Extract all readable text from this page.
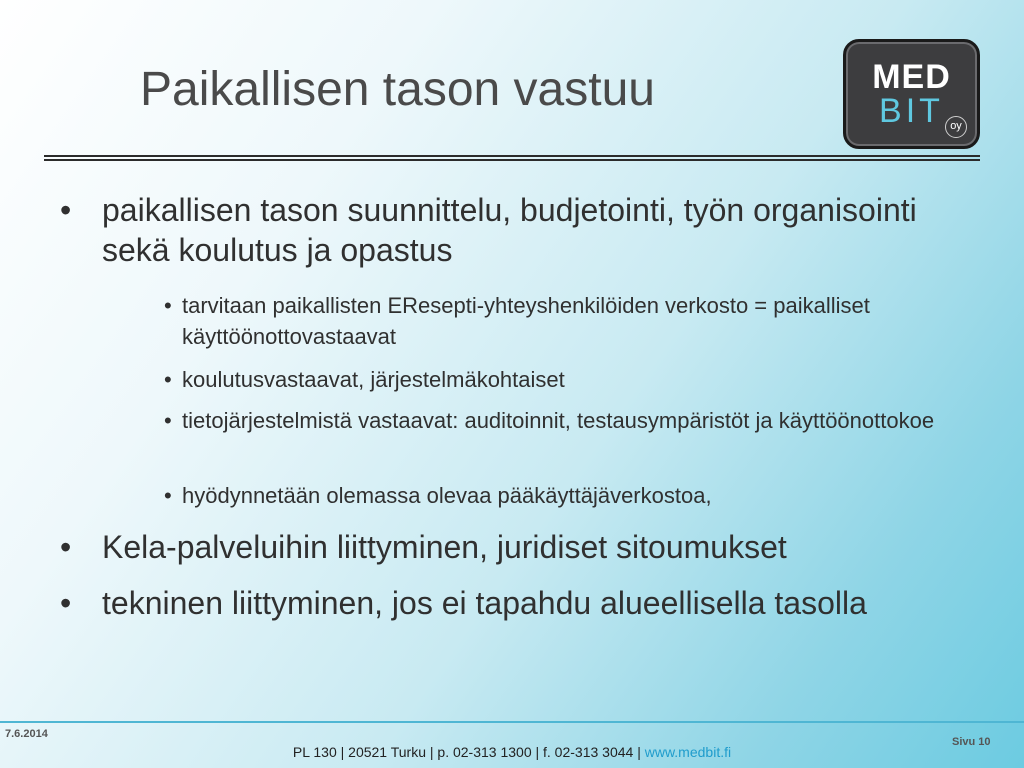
Paikallisen tason vastuu	MED
BIT oy
• paikallisen tason suunnittelu, budjetointi, työn organisointi sekä koulutus ja opastus
• tarvitaan paikallisten EResepti-yhteyshenkilöiden verkosto = paikalliset käyttöönottovastaavat
• koulutusvastaavat, järjestelmäkohtaiset
• tietojärjestelmistä vastaavat: auditoinnit, testausympäristöt ja käyttöönottokoe
• hyödynnetään olemassa olevaa pääkäyttäjäverkostoa,
• Kela-palveluihin liittyminen, juridiset sitoumukset
• tekninen liittyminen, jos ei tapahdu alueellisella tasolla
7.6.2014
Sivu 10
PL 130 | 20521 Turku | p. 02-313 1300 | f. 02-313 3044 | www.medbit.fi
